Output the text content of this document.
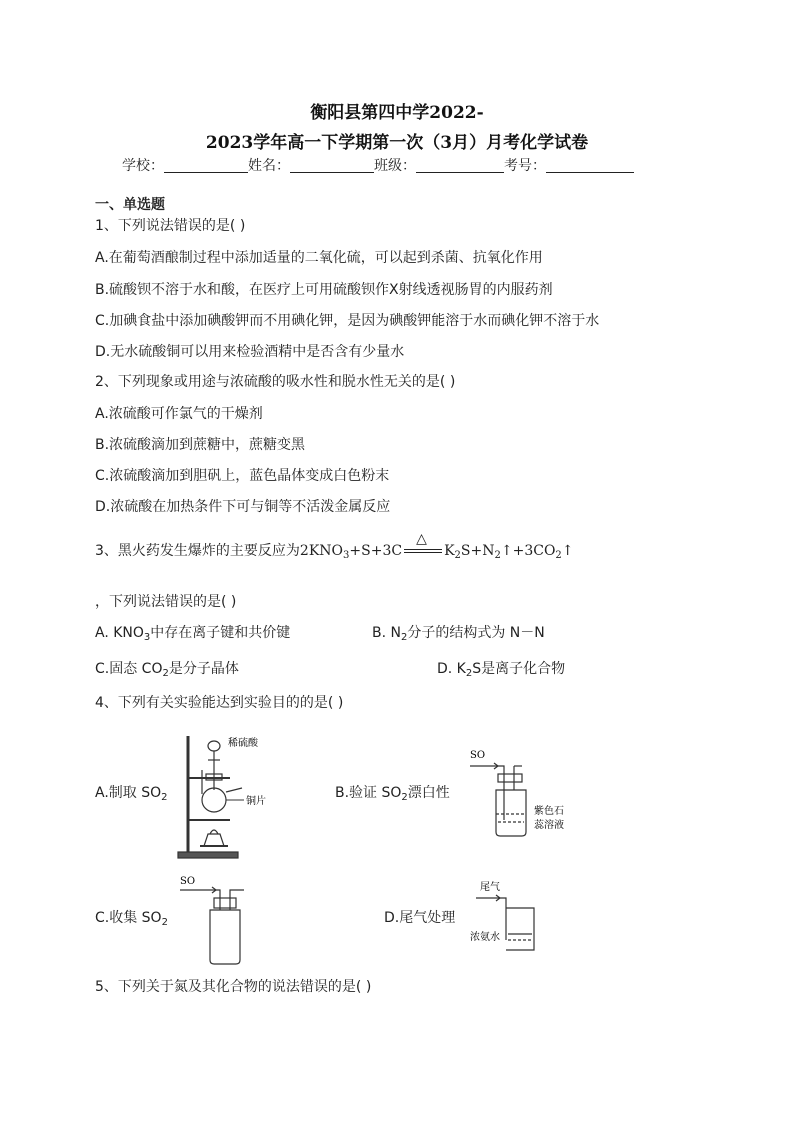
衡阳县第四中学2022-
2023学年高一下学期第一次（3月）月考化学试卷
学校：	姓名：	班级：	考号：
一、单选题
1、下列说法错误的是( )
A.在葡萄酒酿制过程中添加适量的二氧化硫，可以起到杀菌、抗氧化作用
B.硫酸钡不溶于水和酸，在医疗上可用硫酸钡作X射线透视肠胃的内服药剂
C.加碘食盐中添加碘酸钾而不用碘化钾，是因为碘酸钾能溶于水而碘化钾不溶于水
D.无水硫酸铜可以用来检验酒精中是否含有少量水
2、下列现象或用途与浓硫酸的吸水性和脱水性无关的是( )
A.浓硫酸可作氯气的干燥剂
B.浓硫酸滴加到蔗糖中，蔗糖变黑
C.浓硫酸滴加到胆矾上，蓝色晶体变成白色粉末
D.浓硫酸在加热条件下可与铜等不活泼金属反应
3、黑火药发生爆炸的主要反应为$2KNO_3+S+3C$
△
$K_2S+N_2↑+3CO_2↑$
，下列说法错误的是( )
A. $KNO_3$中存在离子键和共价键	B. $N_2$分子的结构式为 N－N
C.固态 $CO_2$是分子晶体	D. $K_2S$是离子化合物
4、下列有关实验能达到实验目的的是( )
A.制取 $SO_2$
稀硫酸
铜片
B.验证 $SO_2$漂白性
SO
紫色石
蕊溶液
C.收集 $SO_2$
SO
D.尾气处理
尾气
浓氨水
5、下列关于氮及其化合物的说法错误的是( )
